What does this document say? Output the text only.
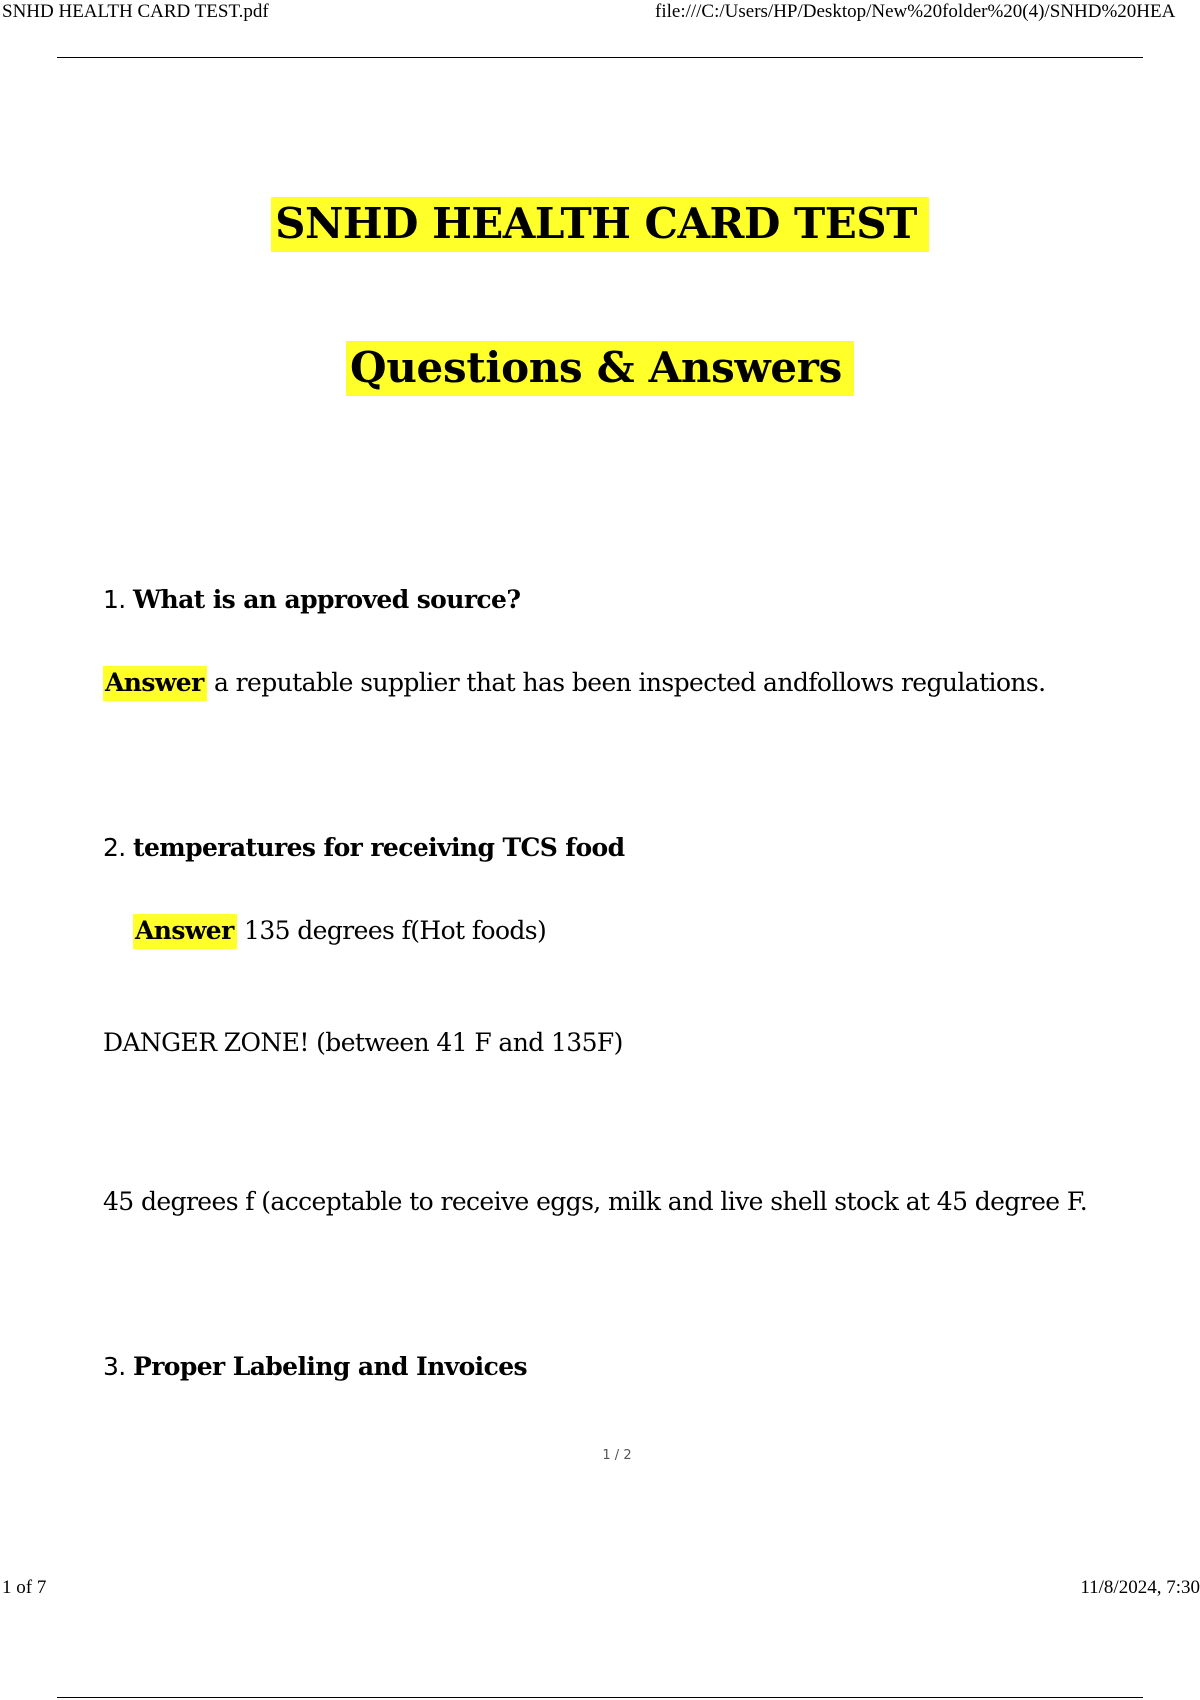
SNHD HEALTH CARD TEST.pdf	file:///C:/Users/HP/Desktop/New%20folder%20(4)/SNHD%20HEA
SNHD HEALTH CARD TEST
Questions & Answers
1. What is an approved source?
Answer a reputable supplier that has been inspected andfollows regulations.
2. temperatures for receiving TCS food
Answer 135 degrees f(Hot foods)
DANGER ZONE! (between 41 F and 135F)
45 degrees f (acceptable to receive eggs, milk and live shell stock at 45 degree F.
3. Proper Labeling and Invoices
1 / 2
1 of 7	11/8/2024, 7:30
